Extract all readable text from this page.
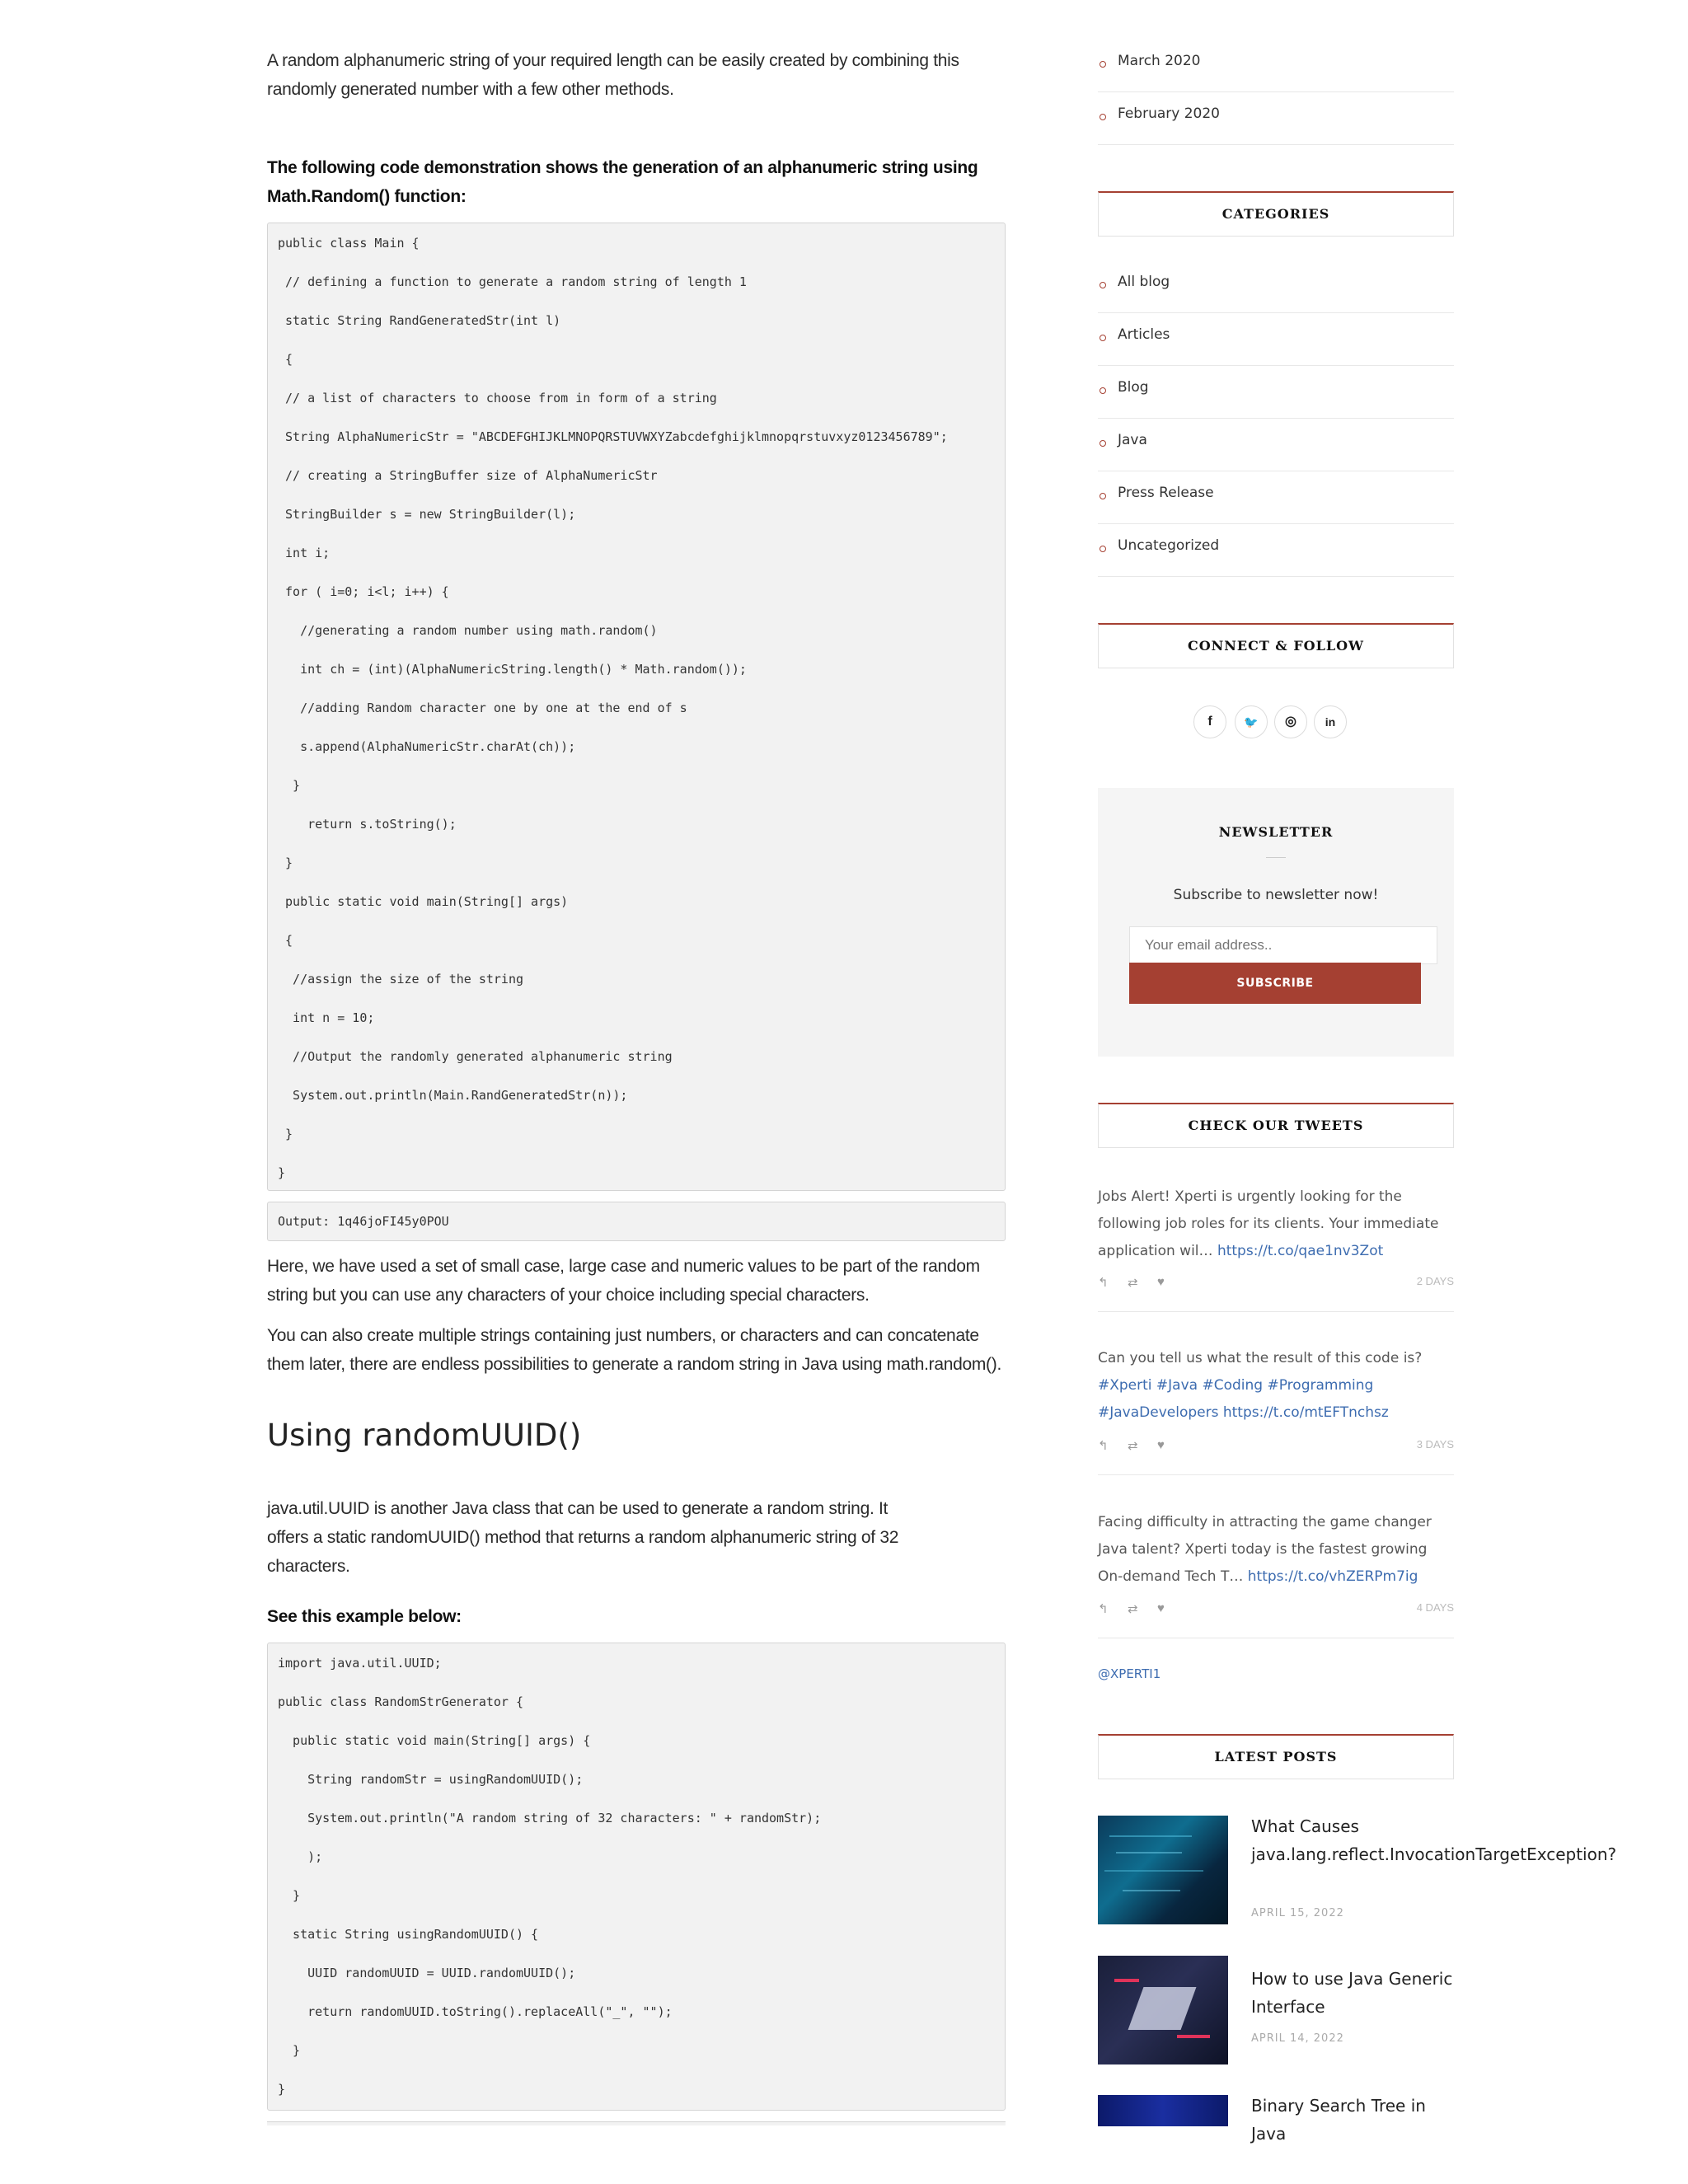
A random alphanumeric string of your required length can be easily created by combining this randomly generated number with a few other methods.

The following code demonstration shows the generation of an alphanumeric string using Math.Random() function:

public class Main {
// defining a function to generate a random string of length 1
static String RandGeneratedStr(int l)
{
// a list of characters to choose from in form of a string
String AlphaNumericStr = "ABCDEFGHIJKLMNOPQRSTUVWXYZabcdefghijklmnopqrstuvxyz0123456789";
// creating a StringBuffer size of AlphaNumericStr
StringBuilder s = new StringBuilder(l);
int i;
for ( i=0; i<l; i++) {
//generating a random number using math.random()
int ch = (int)(AlphaNumericString.length() * Math.random());
//adding Random character one by one at the end of s
s.append(AlphaNumericStr.charAt(ch));
}
return s.toString();
}
public static void main(String[] args)
{
//assign the size of the string
int n = 10;
//Output the randomly generated alphanumeric string
System.out.println(Main.RandGeneratedStr(n));
}
}
Output: 1q46joFI45y0POU

Here, we have used a set of small case, large case and numeric values to be part of the random string but you can use any characters of your choice including special characters.

You can also create multiple strings containing just numbers, or characters and can concatenate them later, there are endless possibilities to generate a random string in Java using math.random().

Using randomUUID()

java.util.UUID is another Java class that can be used to generate a random string. It offers a static randomUUID() method that returns a random alphanumeric string of 32 characters.

See this example below:

import java.util.UUID;
public class RandomStrGenerator {
public static void main(String[] args) {
String randomStr = usingRandomUUID();
System.out.println("A random string of 32 characters: " + randomStr);
);
}
static String usingRandomUUID() {
UUID randomUUID = UUID.randomUUID();
return randomUUID.toString().replaceAll("_", "");
}
}
March 2020
February 2020
CATEGORIES
All blog
Articles
Blog
Java
Press Release
Uncategorized
CONNECT & FOLLOW
f	🐦	◎	in
NEWSLETTER
Subscribe to newsletter now!
Your email address..
SUBSCRIBE
CHECK OUR TWEETS
Jobs Alert! Xperti is urgently looking for the following job roles for its clients. Your immediate application wil… https://t.co/qae1nv3Zot
↰ ⇄ ♥	2 DAYS
Can you tell us what the result of this code is? #Xperti #Java #Coding #Programming #JavaDevelopers https://t.co/mtEFTnchsz
↰ ⇄ ♥	3 DAYS
Facing difficulty in attracting the game changer Java talent? Xperti today is the fastest growing On-demand Tech T… https://t.co/vhZERPm7ig
↰ ⇄ ♥	4 DAYS
@XPERTI1
LATEST POSTS
What Causes java.lang.reflect.InvocationTargetException?
APRIL 15, 2022
How to use Java Generic Interface
APRIL 14, 2022
Binary Search Tree in Java
